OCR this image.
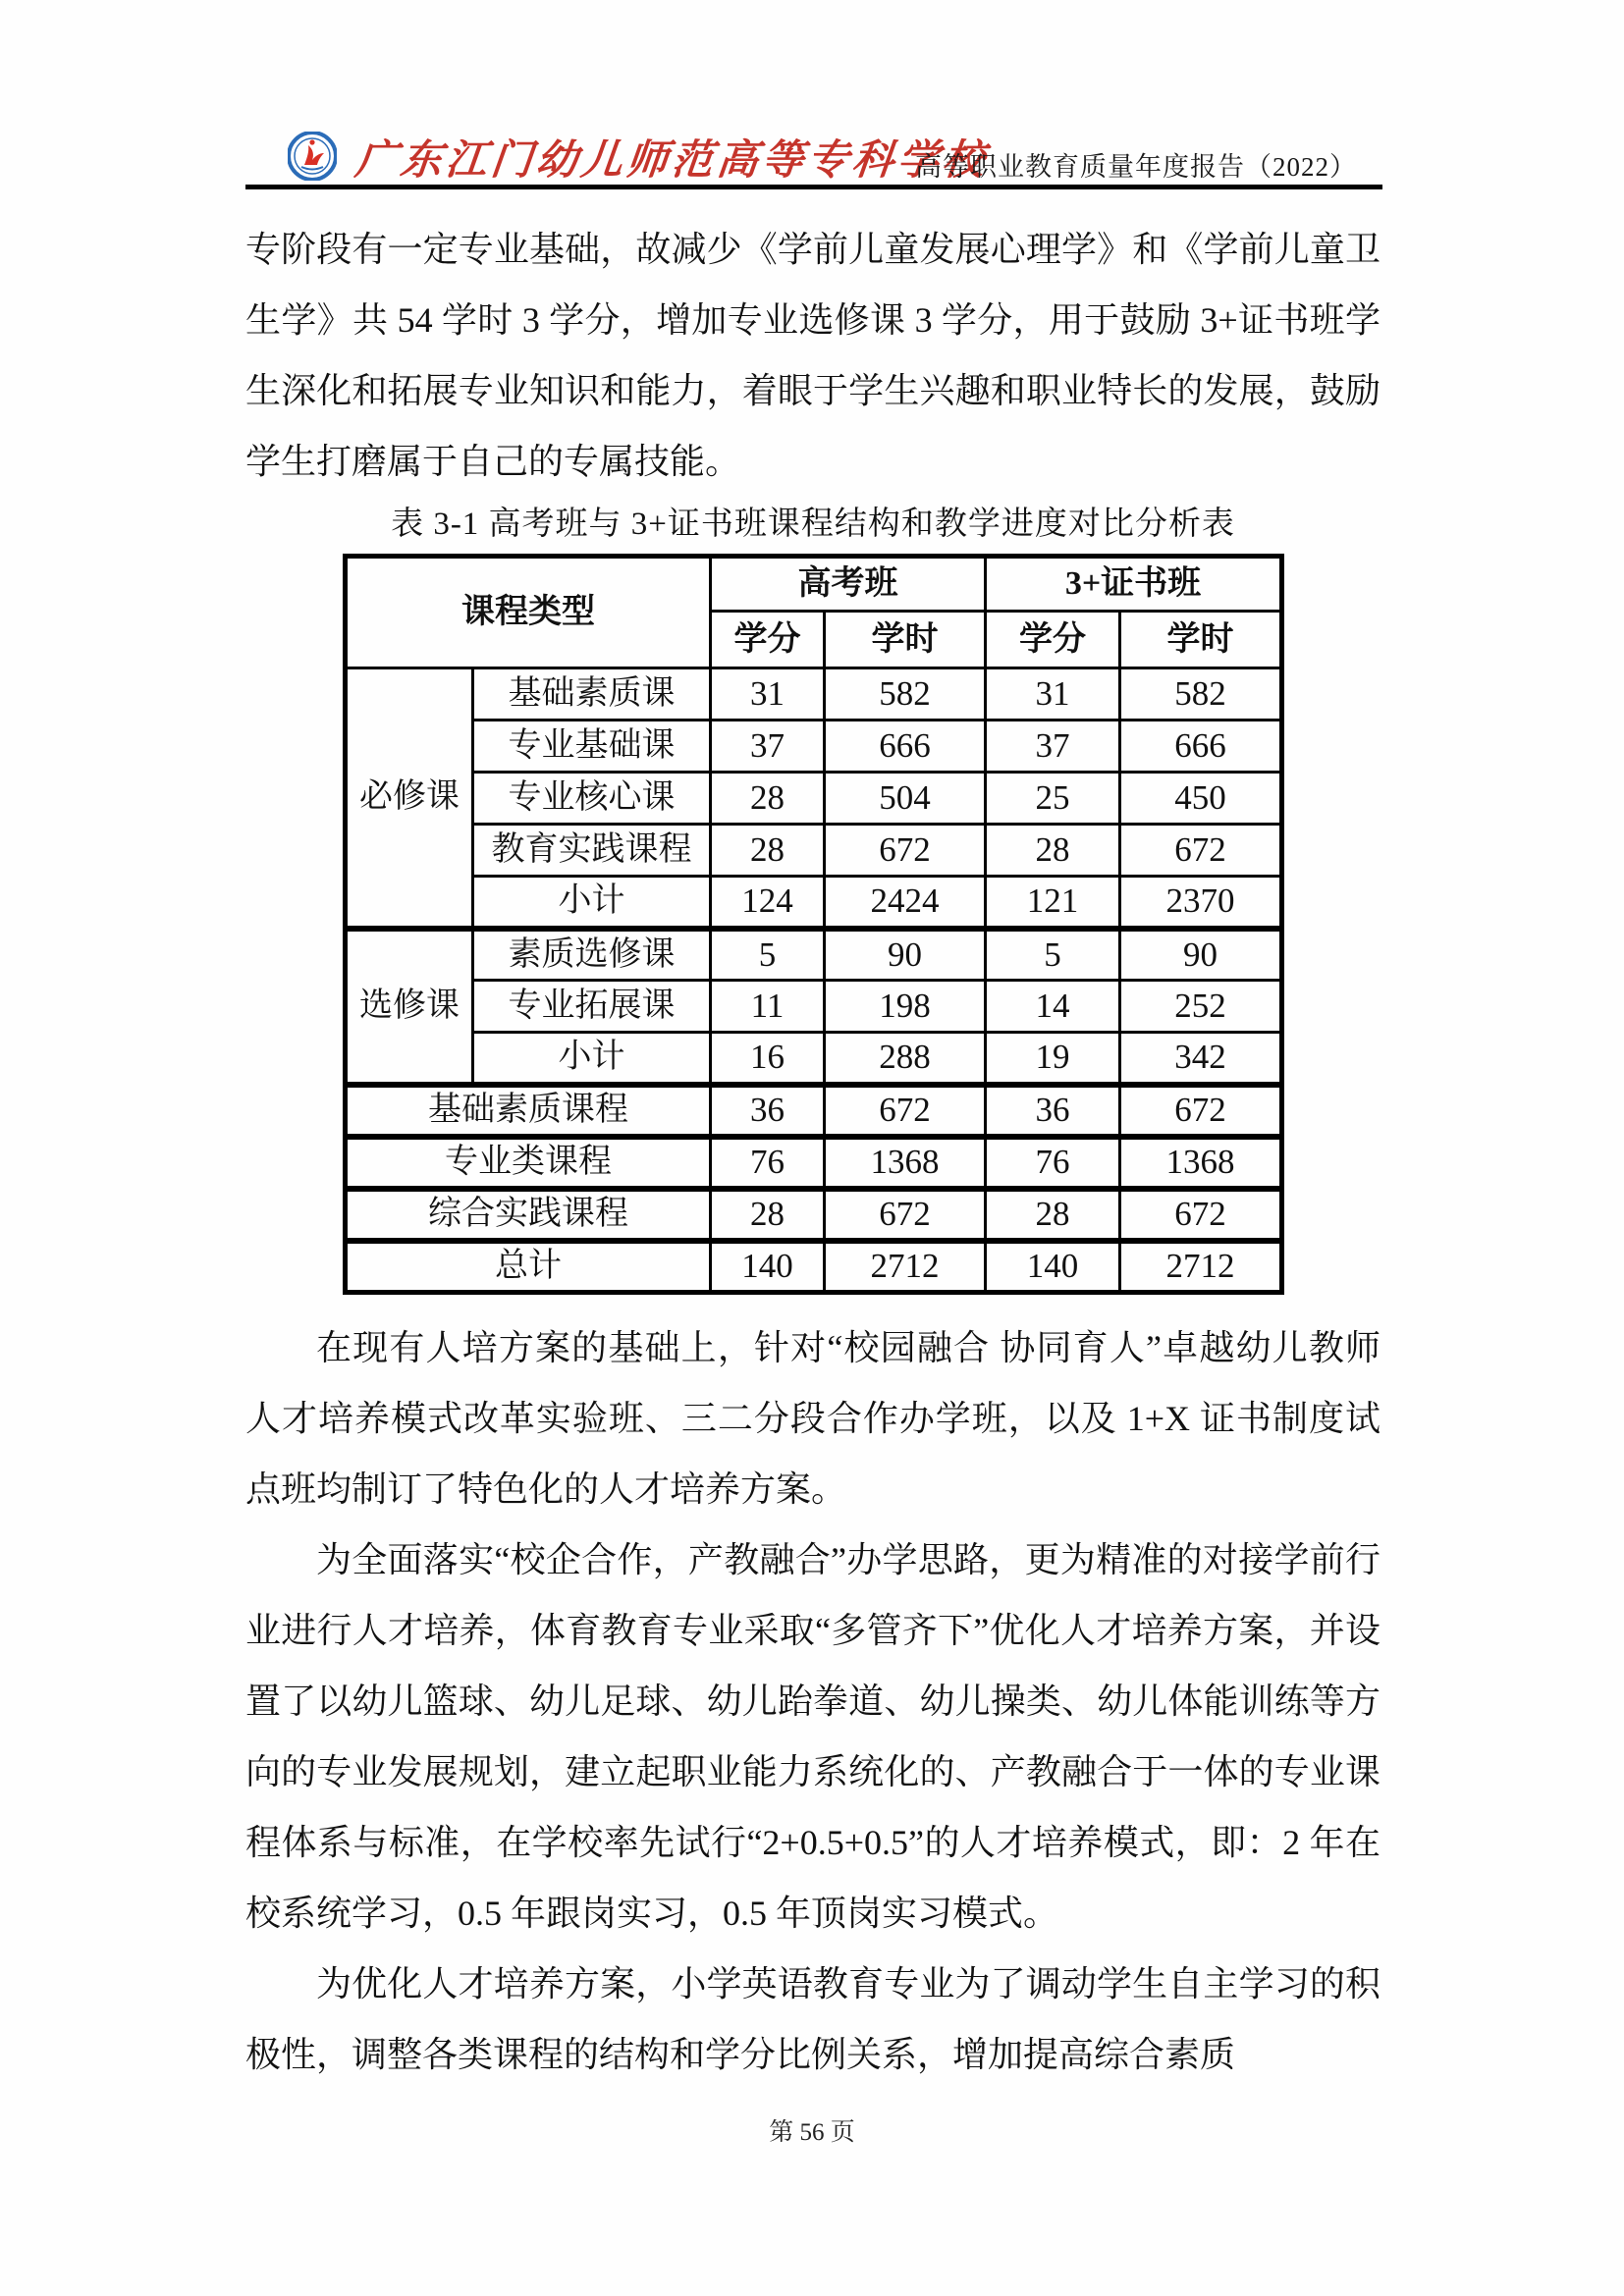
广东江门幼儿师范高等专科学校
高等职业教育质量年度报告（2022）

专阶段有一定专业基础，故减少《学前儿童发展心理学》和《学前儿童卫生学》共 54 学时 3 学分，增加专业选修课 3 学分，用于鼓励 3+证书班学生深化和拓展专业知识和能力，着眼于学生兴趣和职业特长的发展，鼓励学生打磨属于自己的专属技能。

表 3-1 高考班与 3+证书班课程结构和教学进度对比分析表
课程类型		高考班		3+证书班	
		学分	学时	学分	学时
必修课	基础素质课	31	582	31	582
	专业基础课	37	666	37	666
	专业核心课	28	504	25	450
	教育实践课程	28	672	28	672
	小计	124	2424	121	2370
选修课	素质选修课	5	90	5	90
	专业拓展课	11	198	14	252
	小计	16	288	19	342
基础素质课程		36	672	36	672
专业类课程		76	1368	76	1368
综合实践课程		28	672	28	672
总计		140	2712	140	2712

在现有人培方案的基础上，针对“校园融合 协同育人”卓越幼儿教师人才培养模式改革实验班、三二分段合作办学班，以及 1+X 证书制度试点班均制订了特色化的人才培养方案。

为全面落实“校企合作，产教融合”办学思路，更为精准的对接学前行业进行人才培养，体育教育专业采取“多管齐下”优化人才培养方案，并设置了以幼儿篮球、幼儿足球、幼儿跆拳道、幼儿操类、幼儿体能训练等方向的专业发展规划，建立起职业能力系统化的、产教融合于一体的专业课程体系与标准，在学校率先试行“2+0.5+0.5”的人才培养模式，即：2 年在校系统学习，0.5 年跟岗实习，0.5 年顶岗实习模式。

为优化人才培养方案，小学英语教育专业为了调动学生自主学习的积极性，调整各类课程的结构和学分比例关系，增加提高综合素质

第 56 页
